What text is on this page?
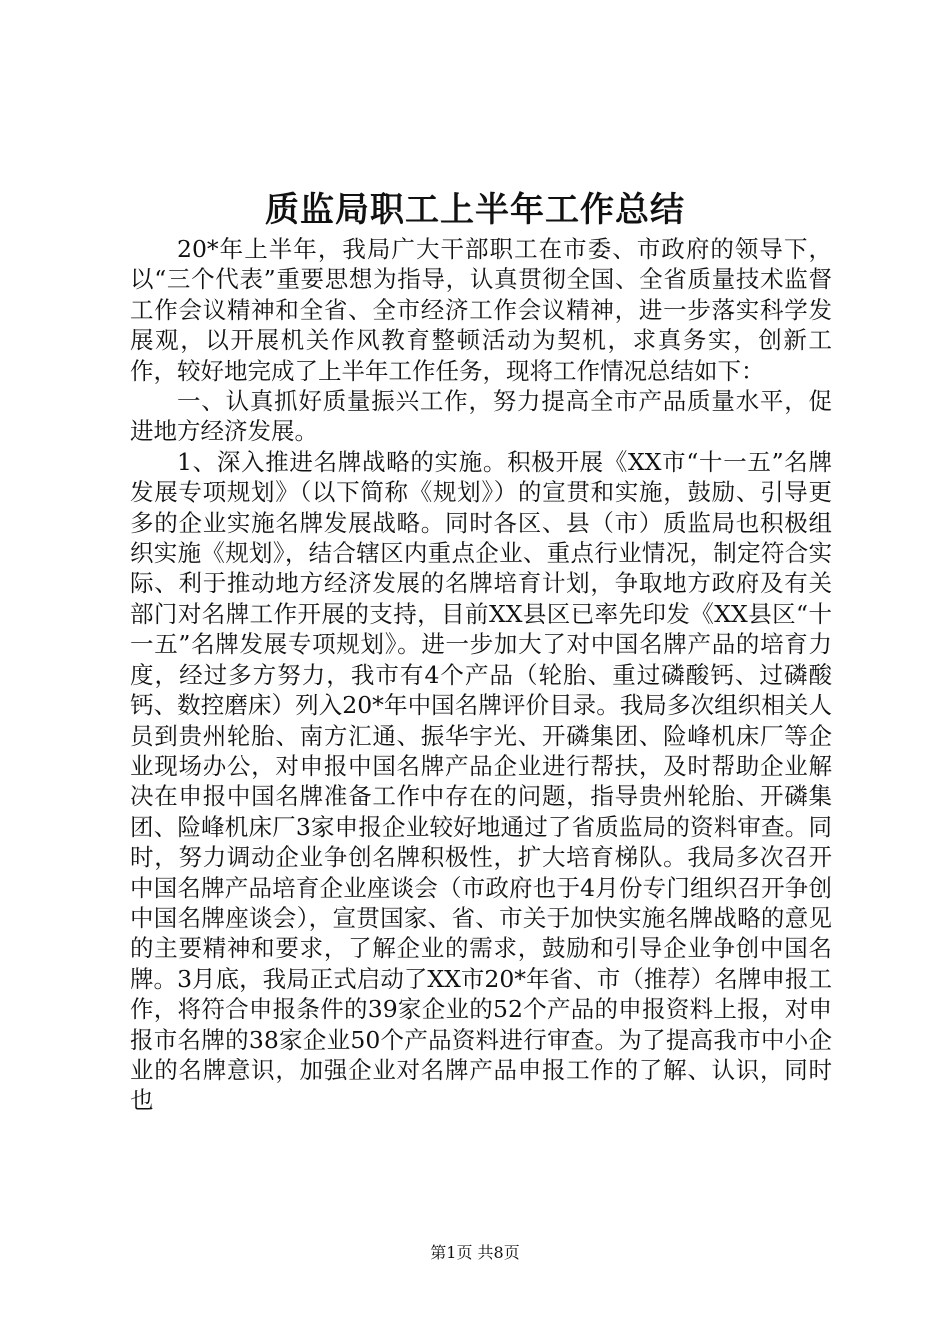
质监局职工上半年工作总结

20*年上半年，我局广大干部职工在市委、市政府的领导下，以“三个代表”重要思想为指导，认真贯彻全国、全省质量技术监督工作会议精神和全省、全市经济工作会议精神，进一步落实科学发展观，以开展机关作风教育整顿活动为契机，求真务实，创新工作，较好地完成了上半年工作任务，现将工作情况总结如下：

一、认真抓好质量振兴工作，努力提高全市产品质量水平，促进地方经济发展。

1、深入推进名牌战略的实施。积极开展《XX市“十一五”名牌发展专项规划》（以下简称《规划》）的宣贯和实施，鼓励、引导更多的企业实施名牌发展战略。同时各区、县（市）质监局也积极组织实施《规划》，结合辖区内重点企业、重点行业情况，制定符合实际、利于推动地方经济发展的名牌培育计划，争取地方政府及有关部门对名牌工作开展的支持，目前XX县区已率先印发《XX县区“十一五”名牌发展专项规划》。进一步加大了对中国名牌产品的培育力度，经过多方努力，我市有4个产品（轮胎、重过磷酸钙、过磷酸钙、数控磨床）列入20*年中国名牌评价目录。我局多次组织相关人员到贵州轮胎、南方汇通、振华宇光、开磷集团、险峰机床厂等企业现场办公，对申报中国名牌产品企业进行帮扶，及时帮助企业解决在申报中国名牌准备工作中存在的问题，指导贵州轮胎、开磷集团、险峰机床厂3家申报企业较好地通过了省质监局的资料审查。同时，努力调动企业争创名牌积极性，扩大培育梯队。我局多次召开中国名牌产品培育企业座谈会（市政府也于4月份专门组织召开争创中国名牌座谈会），宣贯国家、省、市关于加快实施名牌战略的意见的主要精神和要求，了解企业的需求，鼓励和引导企业争创中国名牌。3月底，我局正式启动了XX市20*年省、市（推荐）名牌申报工作，将符合申报条件的39家企业的52个产品的申报资料上报，对申报市名牌的38家企业50个产品资料进行审查。为了提高我市中小企业的名牌意识，加强企业对名牌产品申报工作的了解、认识，同时也

第1页 共8页
